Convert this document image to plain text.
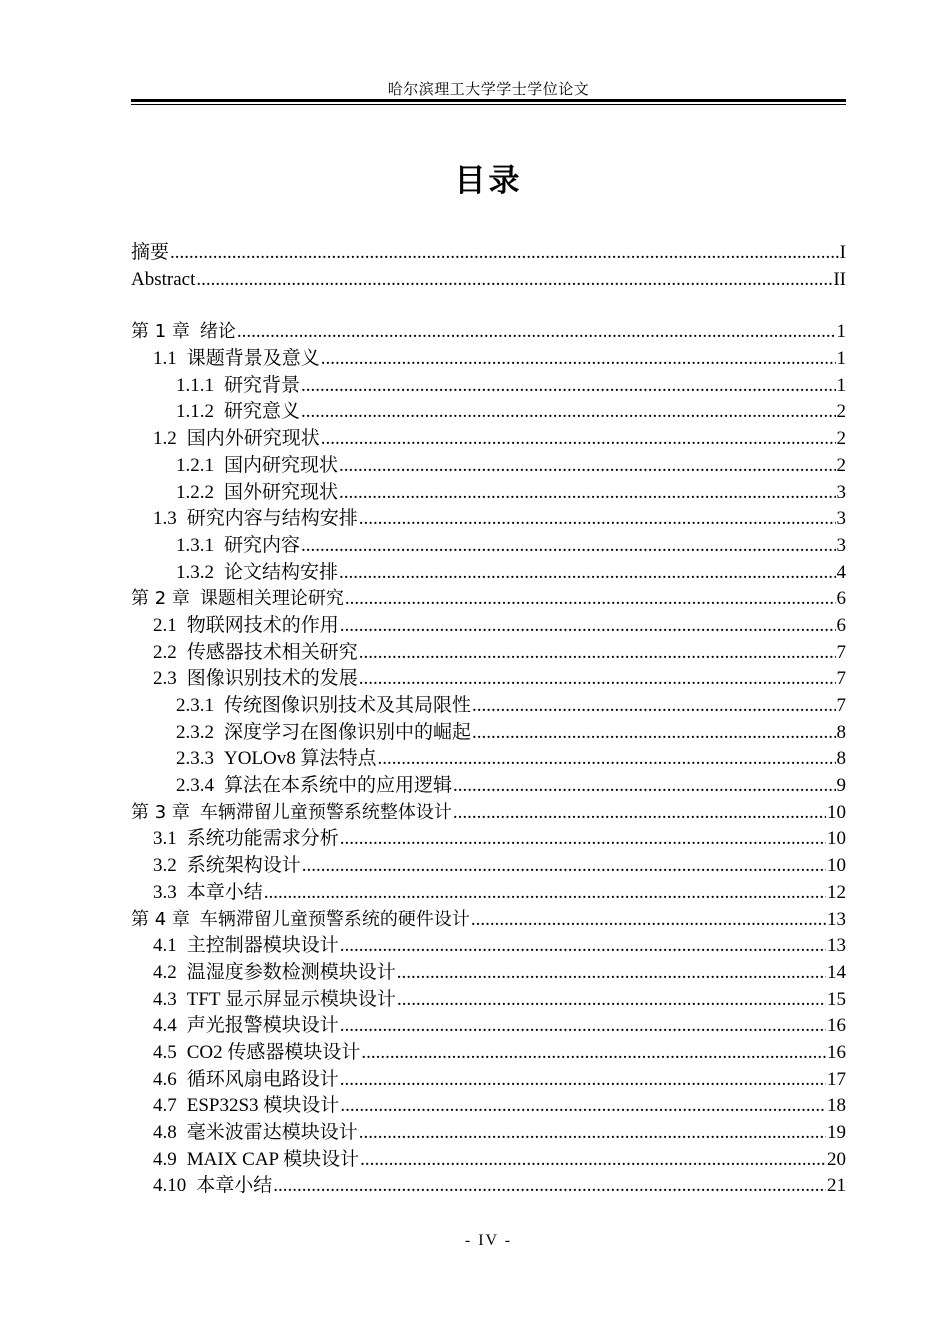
哈尔滨理工大学学士学位论文
目录
摘要 .....	I
Abstract .....	II
第 1 章 绪论 .....	1
1.1 课题背景及意义 .....	1
1.1.1 研究背景 .....	1
1.1.2 研究意义 .....	2
1.2 国内外研究现状 .....	2
1.2.1 国内研究现状 .....	2
1.2.2 国外研究现状 .....	3
1.3 研究内容与结构安排 .....	3
1.3.1 研究内容 .....	3
1.3.2 论文结构安排 .....	4
第 2 章 课题相关理论研究 .....	6
2.1 物联网技术的作用 .....	6
2.2 传感器技术相关研究 .....	7
2.3 图像识别技术的发展 .....	7
2.3.1 传统图像识别技术及其局限性 .....	7
2.3.2 深度学习在图像识别中的崛起 .....	8
2.3.3 YOLOv8 算法特点 .....	8
2.3.4 算法在本系统中的应用逻辑 .....	9
第 3 章 车辆滞留儿童预警系统整体设计 .....	10
3.1 系统功能需求分析 .....	10
3.2 系统架构设计 .....	10
3.3 本章小结 .....	12
第 4 章 车辆滞留儿童预警系统的硬件设计 .....	13
4.1 主控制器模块设计 .....	13
4.2 温湿度参数检测模块设计 .....	14
4.3 TFT 显示屏显示模块设计 .....	15
4.4 声光报警模块设计 .....	16
4.5 CO2 传感器模块设计 .....	16
4.6 循环风扇电路设计 .....	17
4.7 ESP32S3 模块设计 .....	18
4.8 毫米波雷达模块设计 .....	19
4.9 MAIX CAP 模块设计 .....	20
4.10 本章小结 .....	21
- IV -
